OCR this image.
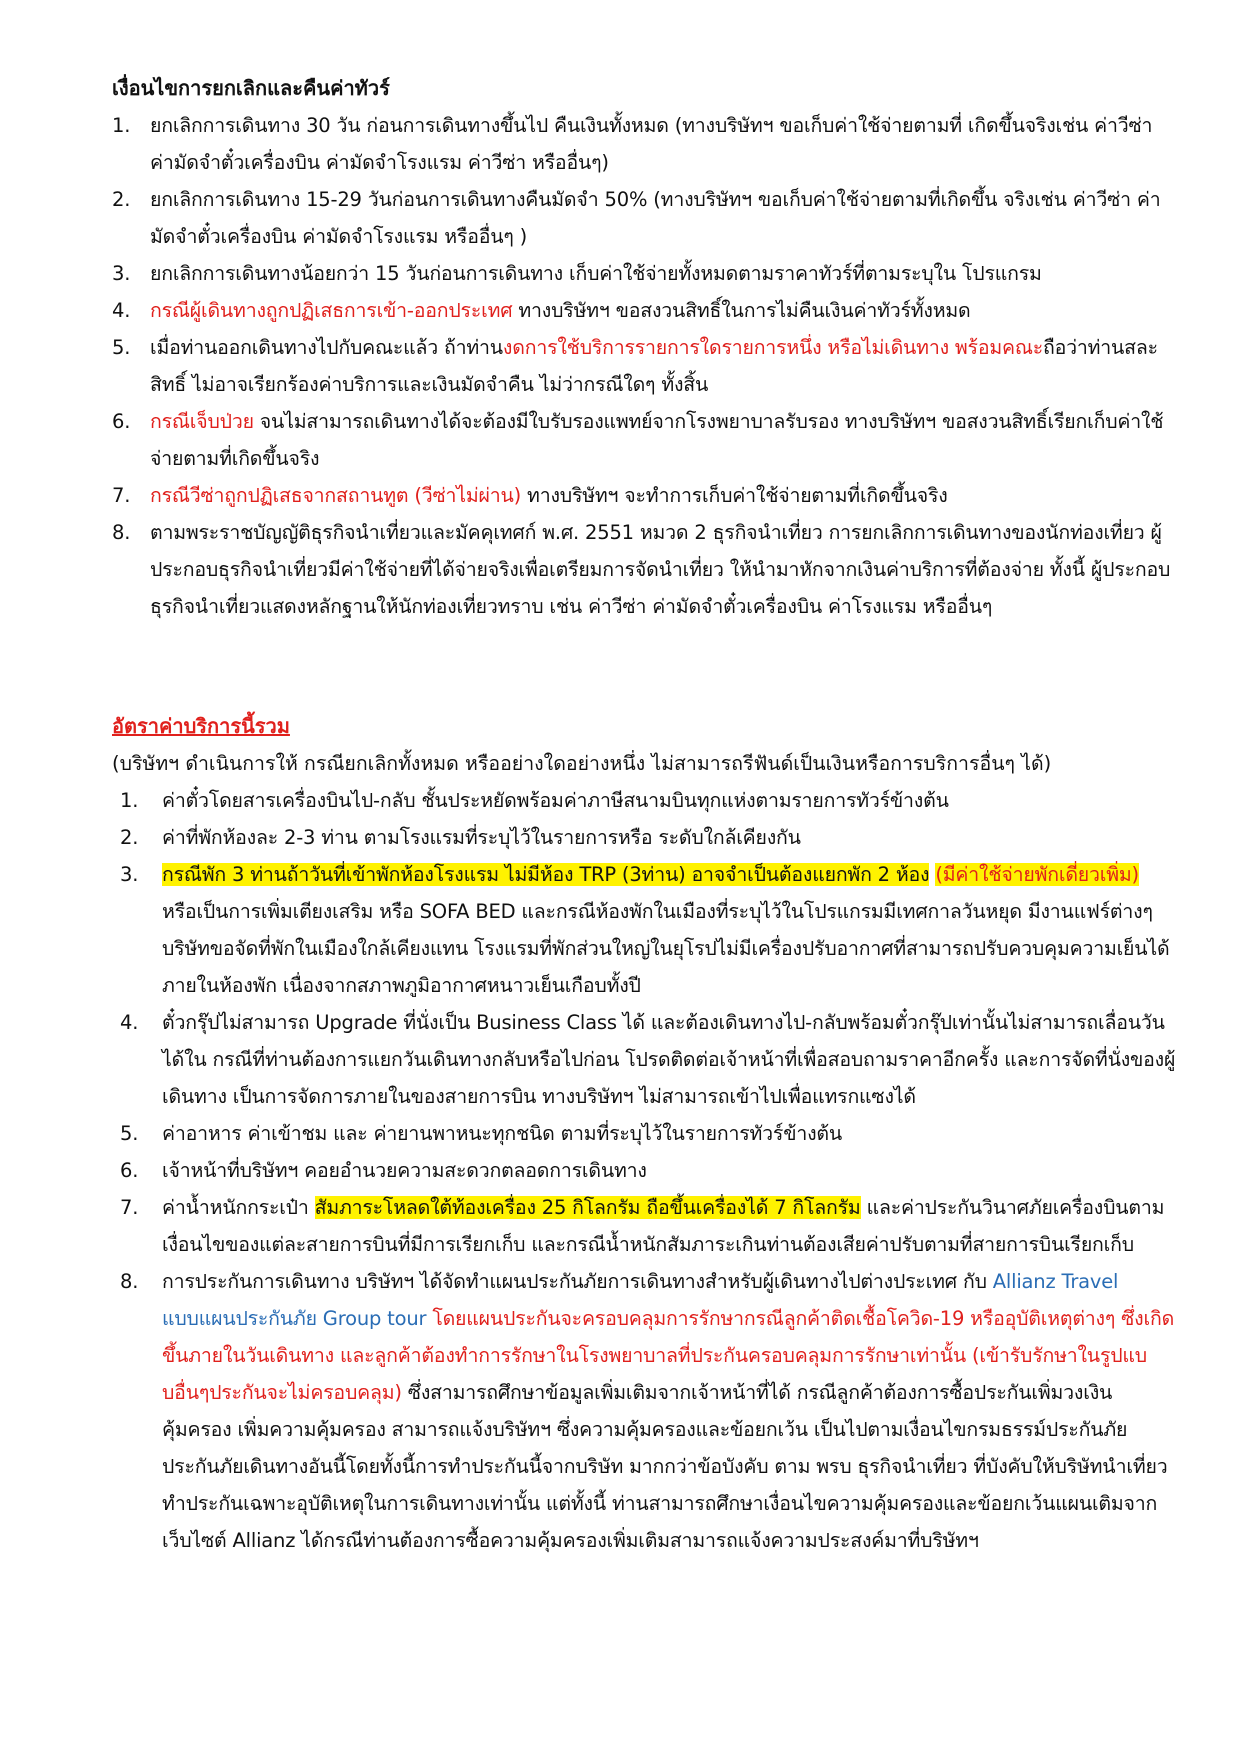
เงื่อนไขการยกเลิกและคืนค่าทัวร์
1. ยกเลิกการเดินทาง 30 วัน ก่อนการเดินทางขึ้นไป คืนเงินทั้งหมด (ทางบริษัทฯ ขอเก็บค่าใช้จ่ายตามที่ เกิดขึ้นจริงเช่น ค่าวีซ่า ค่ามัดจำตั๋วเครื่องบิน ค่ามัดจำโรงแรม ค่าวีซ่า หรืออื่นๆ)
2. ยกเลิกการเดินทาง 15-29 วันก่อนการเดินทางคืนมัดจำ 50% (ทางบริษัทฯ ขอเก็บค่าใช้จ่ายตามที่เกิดขึ้น จริงเช่น ค่าวีซ่า ค่ามัดจำตั๋วเครื่องบิน ค่ามัดจำโรงแรม หรืออื่นๆ )
3. ยกเลิกการเดินทางน้อยกว่า 15 วันก่อนการเดินทาง เก็บค่าใช้จ่ายทั้งหมดตามราคาทัวร์ที่ตามระบุใน โปรแกรม
4. กรณีผู้เดินทางถูกปฏิเสธการเข้า-ออกประเทศ ทางบริษัทฯ ขอสงวนสิทธิ์ในการไม่คืนเงินค่าทัวร์ทั้งหมด
5. เมื่อท่านออกเดินทางไปกับคณะแล้ว ถ้าท่านงดการใช้บริการรายการใดรายการหนึ่ง หรือไม่เดินทาง พร้อมคณะถือว่าท่านสละสิทธิ์ ไม่อาจเรียกร้องค่าบริการและเงินมัดจำคืน ไม่ว่ากรณีใดๆ ทั้งสิ้น
6. กรณีเจ็บป่วย จนไม่สามารถเดินทางได้จะต้องมีใบรับรองแพทย์จากโรงพยาบาลรับรอง ทางบริษัทฯ ขอสงวนสิทธิ์เรียกเก็บค่าใช้จ่ายตามที่เกิดขึ้นจริง
7. กรณีวีซ่าถูกปฏิเสธจากสถานทูต (วีซ่าไม่ผ่าน) ทางบริษัทฯ จะทำการเก็บค่าใช้จ่ายตามที่เกิดขึ้นจริง
8. ตามพระราชบัญญัติธุรกิจนำเที่ยวและมัคคุเทศก์ พ.ศ. 2551 หมวด 2 ธุรกิจนำเที่ยว การยกเลิกการเดินทางของนักท่องเที่ยว ผู้ประกอบธุรกิจนำเที่ยวมีค่าใช้จ่ายที่ได้จ่ายจริงเพื่อเตรียมการจัดนำเที่ยว ให้นำมาหักจากเงินค่าบริการที่ต้องจ่าย ทั้งนี้ ผู้ประกอบธุรกิจนำเที่ยวแสดงหลักฐานให้นักท่องเที่ยวทราบ เช่น ค่าวีซ่า ค่ามัดจำตั๋วเครื่องบิน ค่าโรงแรม หรืออื่นๆ
อัตราค่าบริการนี้รวม
(บริษัทฯ ดำเนินการให้ กรณียกเลิกทั้งหมด หรืออย่างใดอย่างหนึ่ง ไม่สามารถรีฟันด์เป็นเงินหรือการบริการอื่นๆ ได้)
1. ค่าตั๋วโดยสารเครื่องบินไป-กลับ ชั้นประหยัดพร้อมค่าภาษีสนามบินทุกแห่งตามรายการทัวร์ข้างต้น
2. ค่าที่พักห้องละ 2-3 ท่าน ตามโรงแรมที่ระบุไว้ในรายการหรือ ระดับใกล้เคียงกัน
3. กรณีพัก 3 ท่านถ้าวันที่เข้าพักห้องโรงแรม ไม่มีห้อง TRP (3ท่าน) อาจจำเป็นต้องแยกพัก 2 ห้อง (มีค่าใช้จ่ายพักเดี่ยวเพิ่ม) หรือเป็นการเพิ่มเตียงเสริม หรือ SOFA BED และกรณีห้องพักในเมืองที่ระบุไว้ในโปรแกรมมีเทศกาลวันหยุด มีงานแฟร์ต่างๆ บริษัทขอจัดที่พักในเมืองใกล้เคียงแทน โรงแรมที่พักส่วนใหญ่ในยุโรปไม่มีเครื่องปรับอากาศที่สามารถปรับควบคุมความเย็นได้ภายในห้องพัก เนื่องจากสภาพภูมิอากาศหนาวเย็นเกือบทั้งปี
4. ตั๋วกรุ๊ปไม่สามารถ Upgrade ที่นั่งเป็น Business Class ได้ และต้องเดินทางไป-กลับพร้อมตั๋วกรุ๊ปเท่านั้นไม่สามารถเลื่อนวันได้ใน กรณีที่ท่านต้องการแยกวันเดินทางกลับหรือไปก่อน โปรดติดต่อเจ้าหน้าที่เพื่อสอบถามราคาอีกครั้ง และการจัดที่นั่งของผู้เดินทาง เป็นการจัดการภายในของสายการบิน ทางบริษัทฯ ไม่สามารถเข้าไปเพื่อแทรกแซงได้
5. ค่าอาหาร ค่าเข้าชม และ ค่ายานพาหนะทุกชนิด ตามที่ระบุไว้ในรายการทัวร์ข้างต้น
6. เจ้าหน้าที่บริษัทฯ คอยอำนวยความสะดวกตลอดการเดินทาง
7. ค่าน้ำหนักกระเป๋า สัมภาระโหลดใต้ท้องเครื่อง 25 กิโลกรัม ถือขึ้นเครื่องได้ 7 กิโลกรัม และค่าประกันวินาศภัยเครื่องบินตามเงื่อนไขของแต่ละสายการบินที่มีการเรียกเก็บ และกรณีน้ำหนักสัมภาระเกินท่านต้องเสียค่าปรับตามที่สายการบินเรียกเก็บ
8. การประกันการเดินทาง บริษัทฯ ได้จัดทำแผนประกันภัยการเดินทางสำหรับผู้เดินทางไปต่างประเทศ กับ Allianz Travel แบบแผนประกันภัย Group tour โดยแผนประกันจะครอบคลุมการรักษากรณีลูกค้าติดเชื้อโควิด-19 หรืออุบัติเหตุต่างๆ ซึ่งเกิดขึ้นภายในวันเดินทาง และลูกค้าต้องทำการรักษาในโรงพยาบาลที่ประกันครอบคลุมการรักษาเท่านั้น (เข้ารับรักษาในรูปแบบอื่นๆประกันจะไม่ครอบคลุม) ซึ่งสามารถศึกษาข้อมูลเพิ่มเติมจากเจ้าหน้าที่ได้ กรณีลูกค้าต้องการซื้อประกันเพิ่มวงเงินคุ้มครอง เพิ่มความคุ้มครอง สามารถแจ้งบริษัทฯ ซึ่งความคุ้มครองและข้อยกเว้น เป็นไปตามเงื่อนไขกรมธรรม์ประกันภัย ประกันภัยเดินทางอันนี้โดยทั้งนี้การทำประกันนี้จากบริษัท มากกว่าข้อบังคับ ตาม พรบ ธุรกิจนำเที่ยว ที่บังคับให้บริษัทนำเที่ยว ทำประกันเฉพาะอุบัติเหตุในการเดินทางเท่านั้น แต่ทั้งนี้ ท่านสามารถศึกษาเงื่อนไขความคุ้มครองและข้อยกเว้นแผนเติมจากเว็บไซต์ Allianz ได้กรณีท่านต้องการซื้อความคุ้มครองเพิ่มเติมสามารถแจ้งความประสงค์มาที่บริษัทฯ
